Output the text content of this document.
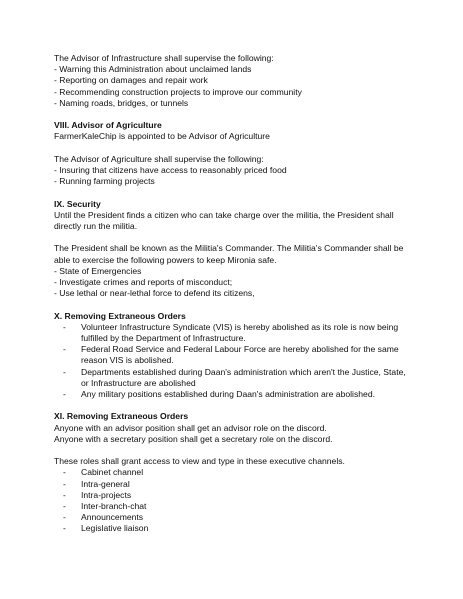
The Advisor of Infrastructure shall supervise the following:
- Warning this Administration about unclaimed lands
- Reporting on damages and repair work
- Recommending construction projects to improve our community
- Naming roads, bridges, or tunnels
VIII. Advisor of Agriculture
FarmerKaleChip is appointed to be Advisor of Agriculture
The Advisor of Agriculture shall supervise the following:
- Insuring that citizens have access to reasonably priced food
- Running farming projects
IX. Security
Until the President finds a citizen who can take charge over the militia, the President shall
directly run the militia.
The President shall be known as the Militia's Commander. The Militia's Commander shall be
able to exercise the following powers to keep Mironia safe.
- State of Emergencies
- Investigate crimes and reports of misconduct;
- Use lethal or near-lethal force to defend its citizens,
X. Removing Extraneous Orders
- Volunteer Infrastructure Syndicate (VIS) is hereby abolished as its role is now being fulfilled by the Department of Infrastructure.
- Federal Road Service and Federal Labour Force are hereby abolished for the same reason VIS is abolished.
- Departments established during Daan's administration which aren't the Justice, State, or Infrastructure are abolished
- Any military positions established during Daan's administration are abolished.
XI. Removing Extraneous Orders
Anyone with an advisor position shall get an advisor role on the discord.
Anyone with a secretary position shall get a secretary role on the discord.
These roles shall grant access to view and type in these executive channels.
- Cabinet channel
- Intra-general
- Intra-projects
- Inter-branch-chat
- Announcements
- Legislative liaison
